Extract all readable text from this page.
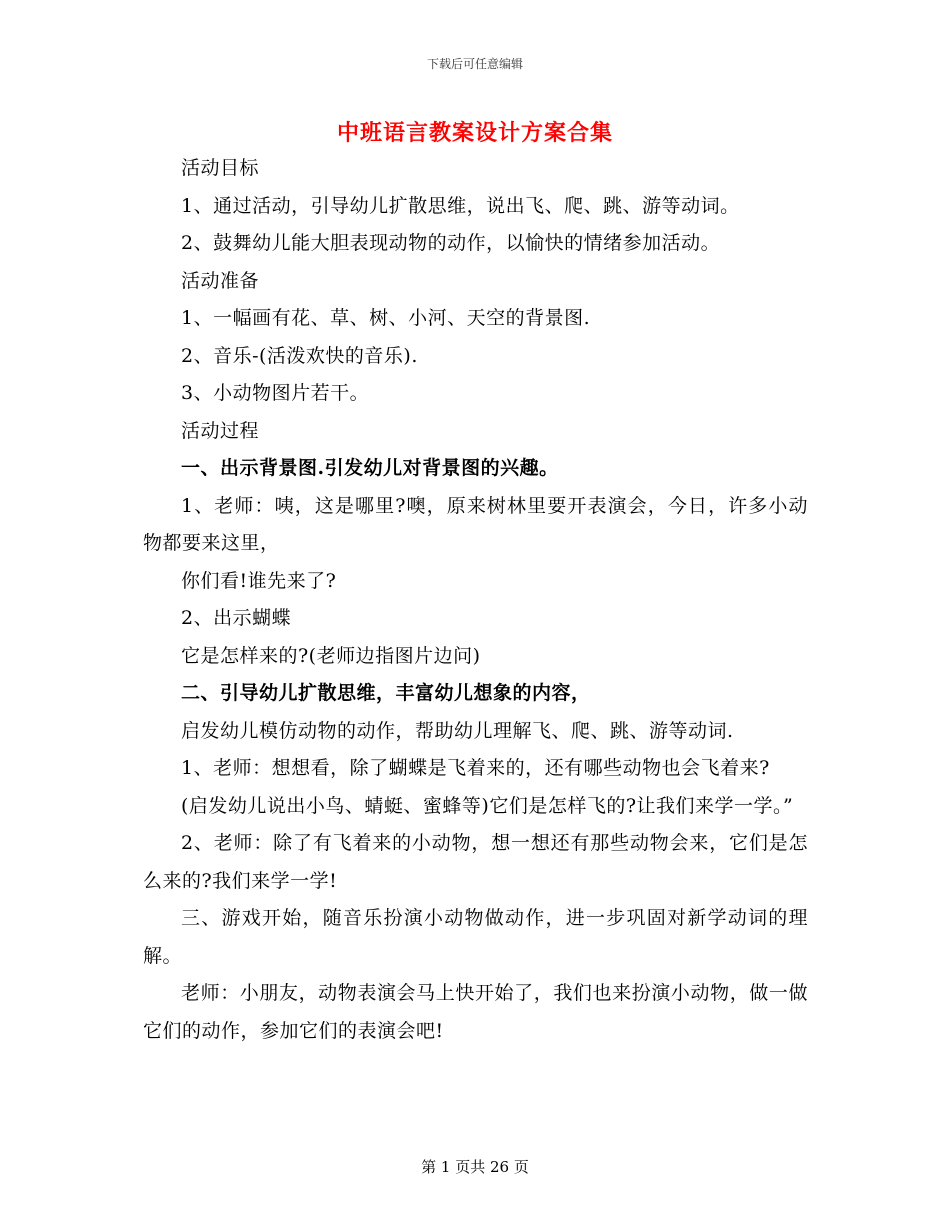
下载后可任意编辑
中班语言教案设计方案合集

活动目标

1、通过活动，引导幼儿扩散思维，说出飞、爬、跳、游等动词。

2、鼓舞幼儿能大胆表现动物的动作，以愉快的情绪参加活动。

活动准备

1、一幅画有花、草、树、小河、天空的背景图.

2、音乐-(活泼欢快的音乐).

3、小动物图片若干。

活动过程

一、出示背景图.引发幼儿对背景图的兴趣。

1、老师：咦，这是哪里?噢，原来树林里要开表演会，今日，许多小动物都要来这里，

你们看!谁先来了?

2、出示蝴蝶

它是怎样来的?(老师边指图片边问)

二、引导幼儿扩散思维，丰富幼儿想象的内容，

启发幼儿模仿动物的动作，帮助幼儿理解飞、爬、跳、游等动词.

1、老师：想想看，除了蝴蝶是飞着来的，还有哪些动物也会飞着来?

(启发幼儿说出小鸟、蜻蜓、蜜蜂等)它们是怎样飞的?让我们来学一学。”

2、老师：除了有飞着来的小动物，想一想还有那些动物会来，它们是怎么来的?我们来学一学!

三、游戏开始，随音乐扮演小动物做动作，进一步巩固对新学动词的理解。

老师：小朋友，动物表演会马上快开始了，我们也来扮演小动物，做一做它们的动作，参加它们的表演会吧!

第 1 页共 26 页
